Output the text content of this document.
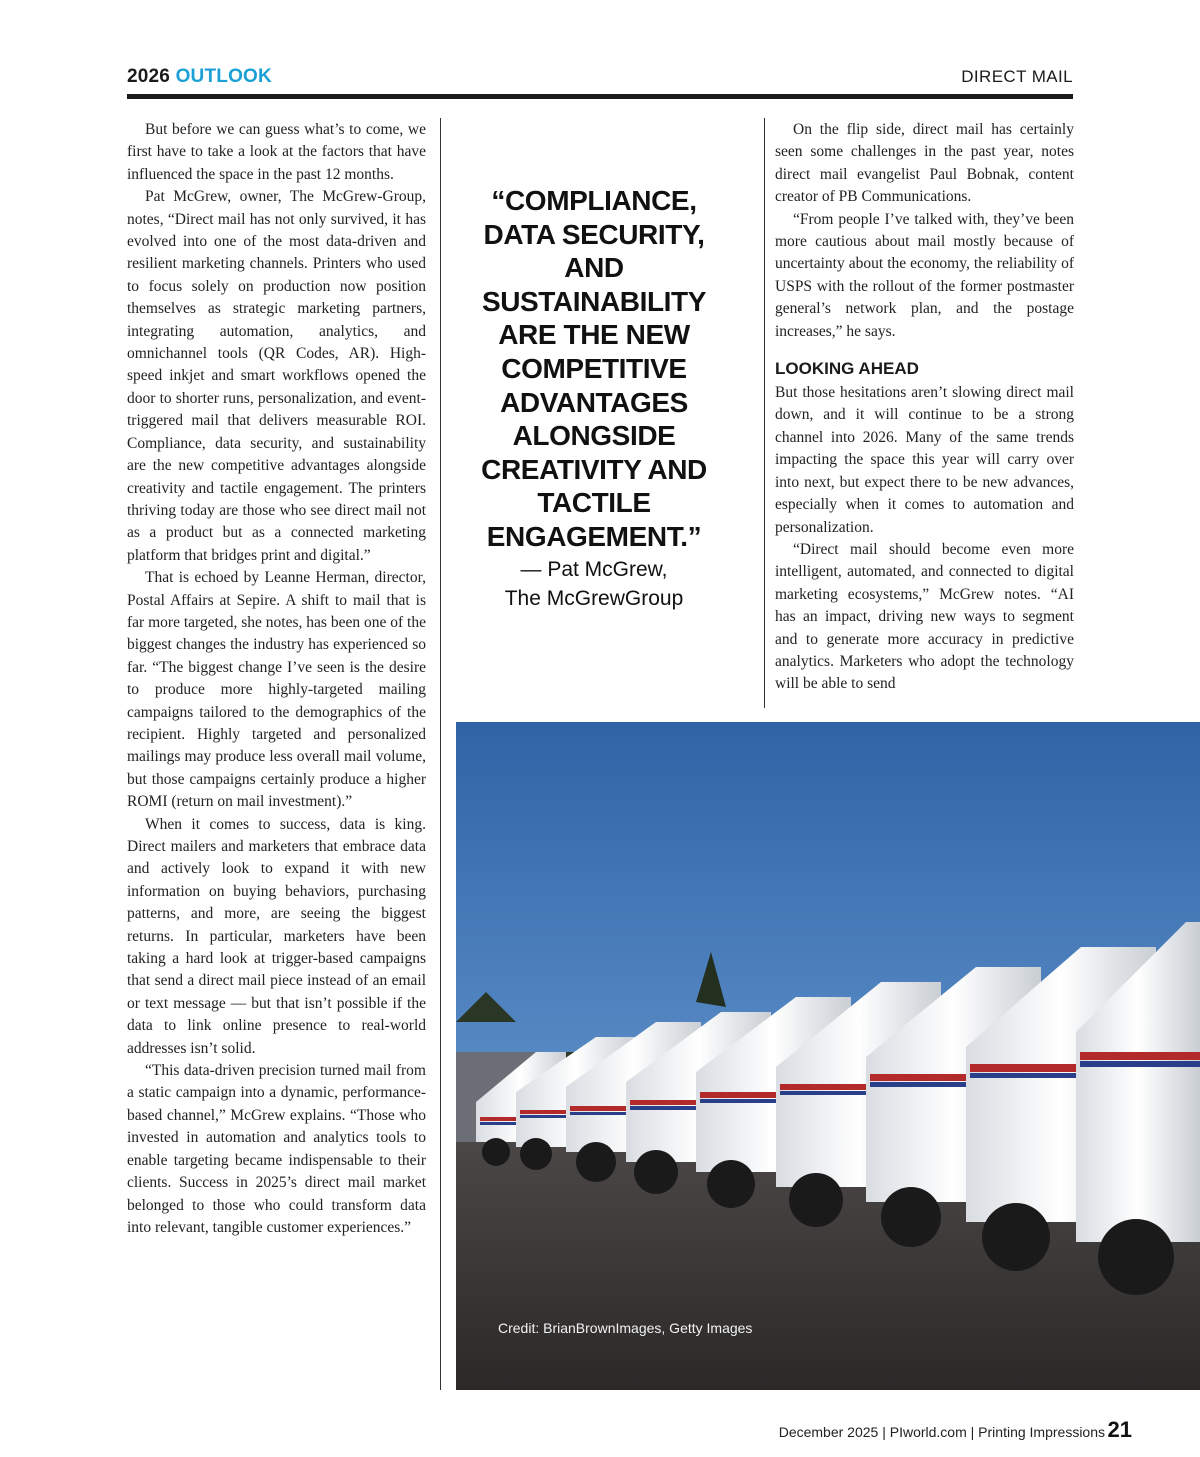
2026 OUTLOOK	DIRECT MAIL

But before we can guess what’s to come, we first have to take a look at the factors that have influenced the space in the past 12 months.

Pat McGrew, owner, The McGrew-Group, notes, “Direct mail has not only survived, it has evolved into one of the most data-driven and resilient marketing channels. Printers who used to focus solely on production now position themselves as strategic marketing partners, integrating automation, analytics, and omnichannel tools (QR Codes, AR). High-speed inkjet and smart workflows opened the door to shorter runs, personalization, and event-triggered mail that delivers measurable ROI. Compliance, data security, and sustainability are the new competitive advantages alongside creativity and tactile engagement. The printers thriving today are those who see direct mail not as a product but as a connected marketing platform that bridges print and digital.”

That is echoed by Leanne Herman, director, Postal Affairs at Sepire. A shift to mail that is far more targeted, she notes, has been one of the biggest changes the industry has experienced so far. “The biggest change I’ve seen is the desire to produce more highly-targeted mailing campaigns tailored to the demographics of the recipient. Highly targeted and personalized mailings may produce less overall mail volume, but those campaigns certainly produce a higher ROMI (return on mail investment).”

When it comes to success, data is king. Direct mailers and marketers that embrace data and actively look to expand it with new information on buying behaviors, purchasing patterns, and more, are seeing the biggest returns. In particular, marketers have been taking a hard look at trigger-based campaigns that send a direct mail piece instead of an email or text message — but that isn’t possible if the data to link online presence to real-world addresses isn’t solid.

“This data-driven precision turned mail from a static campaign into a dynamic, performance-based channel,” McGrew explains. “Those who invested in automation and analytics tools to enable targeting became indispensable to their clients. Success in 2025’s direct mail market belonged to those who could transform data into relevant, tangible customer experiences.”

“COMPLIANCE, DATA SECURITY, AND SUSTAINABILITY ARE THE NEW COMPETITIVE ADVANTAGES ALONGSIDE CREATIVITY AND TACTILE ENGAGEMENT.”
— Pat McGrew,
The McGrewGroup

On the flip side, direct mail has certainly seen some challenges in the past year, notes direct mail evangelist Paul Bobnak, content creator of PB Communications.

“From people I’ve talked with, they’ve been more cautious about mail mostly because of uncertainty about the economy, the reliability of USPS with the rollout of the former postmaster general’s network plan, and the postage increases,” he says.

LOOKING AHEAD

But those hesitations aren’t slowing direct mail down, and it will continue to be a strong channel into 2026. Many of the same trends impacting the space this year will carry over into next, but expect there to be new advances, especially when it comes to automation and personalization.

“Direct mail should become even more intelligent, automated, and connected to digital marketing ecosystems,” McGrew notes. “AI has an impact, driving new ways to segment and to generate more accuracy in predictive analytics. Marketers who adopt the technology will be able to send

Credit: BrianBrownImages, Getty Images
December 2025 | PIworld.com | Printing Impressions 21
